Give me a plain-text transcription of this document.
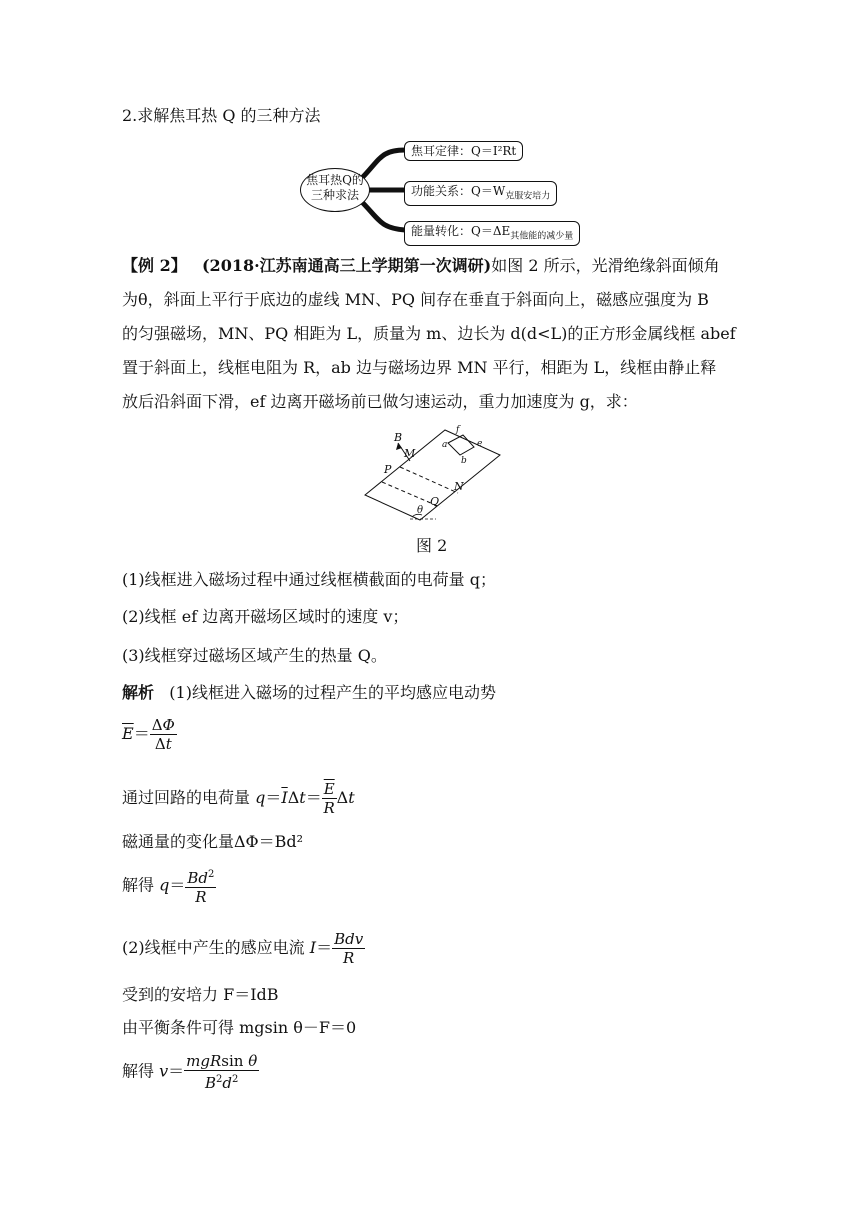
2.求解焦耳热 Q 的三种方法
焦耳热Q的
三种求法
焦耳定律：Q＝I²Rt
功能关系：$Q=W_{克服安培力}$
能量转化：$Q=\Delta E_{其他能的减少量}$
【例 2】 (2018·江苏南通高三上学期第一次调研)如图 2 所示，光滑绝缘斜面倾角
为θ，斜面上平行于底边的虚线 MN、PQ 间存在垂直于斜面向上，磁感应强度为 B
的匀强磁场，MN、PQ 相距为 L，质量为 m、边长为 d(d<L)的正方形金属线框 abef
置于斜面上，线框电阻为 R，ab 边与磁场边界 MN 平行，相距为 L，线框由静止释
放后沿斜面下滑，ef 边离开磁场前已做匀速运动，重力加速度为 g，求：
B
M
P
N
Q
a
b
e
f
θ
图 2
(1)线框进入磁场过程中通过线框横截面的电荷量 q；
(2)线框 ef 边离开磁场区域时的速度 v；
(3)线框穿过磁场区域产生的热量 Q。
解析 (1)线框进入磁场的过程产生的平均感应电动势
$\overline{E}= \frac{\Delta\Phi}{\Delta t}$
通过回路的电荷量 $q=\overline{I}\Delta t= \frac{\overline{E}}{R}$ Δt
磁通量的变化量ΔΦ＝Bd²
解得 $q= \frac{Bd^2}{R}$
(2)线框中产生的感应电流 $I= \frac{\text{Bdv}}{R}$
受到的安培力 F＝IdB
由平衡条件可得 mgsin θ－F＝0
解得 $v= \frac{\text{mgRsin θ}}{B^2d^2}$
